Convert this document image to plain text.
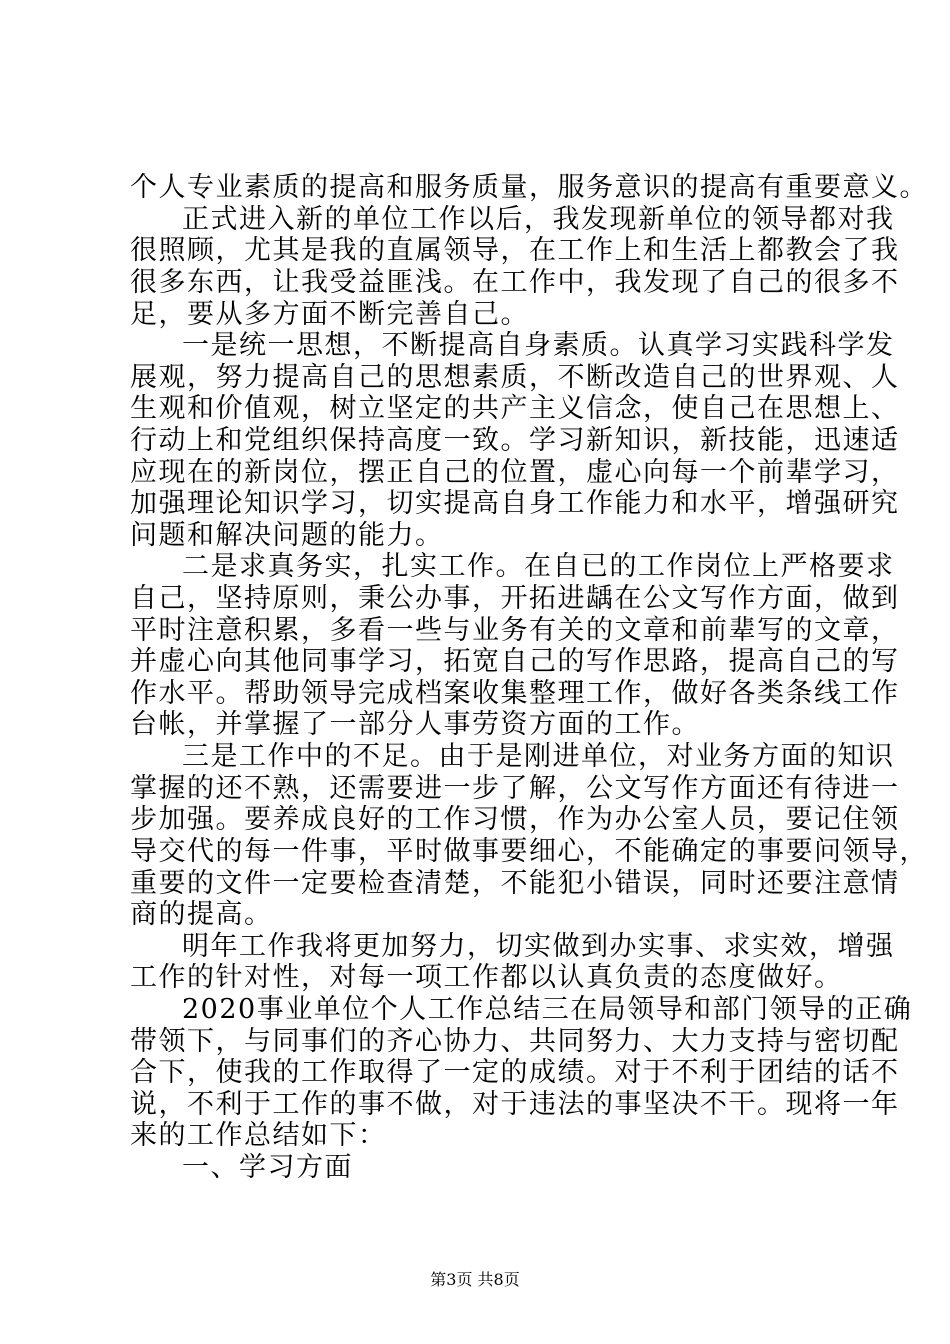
个人专业素质的提高和服务质量，服务意识的提高有重要意义。
正式进入新的单位工作以后，我发现新单位的领导都对我
很照顾，尤其是我的直属领导，在工作上和生活上都教会了我
很多东西，让我受益匪浅。在工作中，我发现了自己的很多不
足，要从多方面不断完善自己。
一是统一思想，不断提高自身素质。认真学习实践科学发
展观，努力提高自己的思想素质，不断改造自己的世界观、人
生观和价值观，树立坚定的共产主义信念，使自己在思想上、
行动上和党组织保持高度一致。学习新知识，新技能，迅速适
应现在的新岗位，摆正自己的位置，虚心向每一个前辈学习，
加强理论知识学习，切实提高自身工作能力和水平，增强研究
问题和解决问题的能力。
二是求真务实，扎实工作。在自已的工作岗位上严格要求
自己，坚持原则，秉公办事，开拓进龋在公文写作方面，做到
平时注意积累，多看一些与业务有关的文章和前辈写的文章，
并虚心向其他同事学习，拓宽自己的写作思路，提高自己的写
作水平。帮助领导完成档案收集整理工作，做好各类条线工作
台帐，并掌握了一部分人事劳资方面的工作。
三是工作中的不足。由于是刚进单位，对业务方面的知识
掌握的还不熟，还需要进一步了解，公文写作方面还有待进一
步加强。要养成良好的工作习惯，作为办公室人员，要记住领
导交代的每一件事，平时做事要细心，不能确定的事要问领导，
重要的文件一定要检查清楚，不能犯小错误，同时还要注意情
商的提高。
明年工作我将更加努力，切实做到办实事、求实效，增强
工作的针对性，对每一项工作都以认真负责的态度做好。
2020事业单位个人工作总结三在局领导和部门领导的正确
带领下，与同事们的齐心协力、共同努力、大力支持与密切配
合下，使我的工作取得了一定的成绩。对于不利于团结的话不
说，不利于工作的事不做，对于违法的事坚决不干。现将一年
来的工作总结如下：
一、学习方面
第3页 共8页
